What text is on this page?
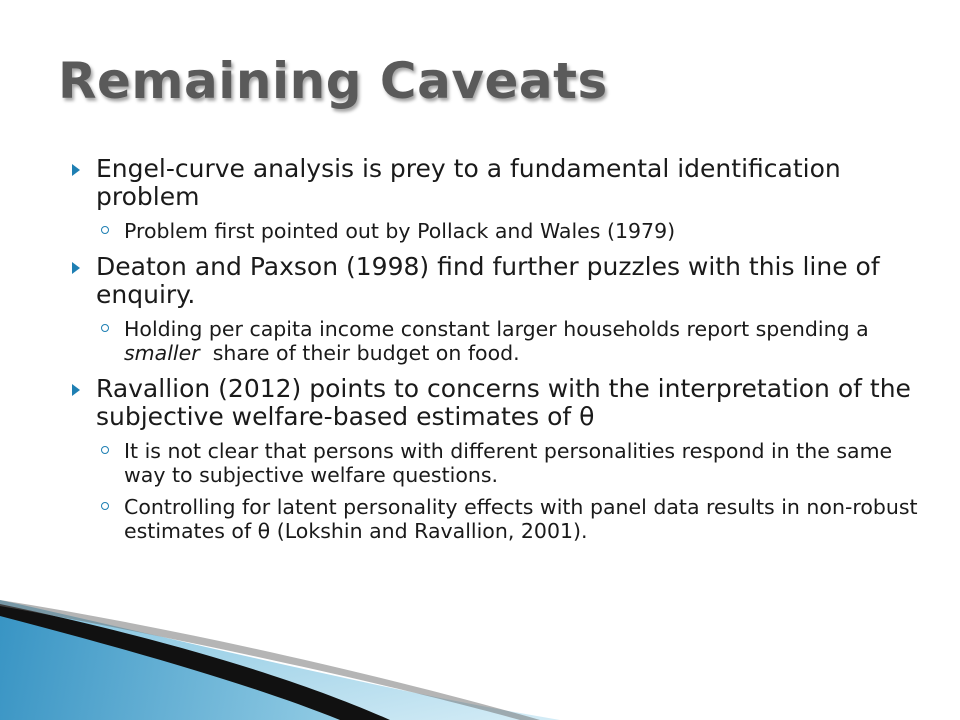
Remaining Caveats
Engel-curve analysis is prey to a fundamental identification problem
Problem first pointed out by Pollack and Wales (1979)
Deaton and Paxson (1998) find further puzzles with this line of enquiry.
Holding per capita income constant larger households report spending a smaller  share of their budget on food.
Ravallion (2012) points to concerns with the interpretation of the subjective welfare-based estimates of θ
It is not clear that persons with different personalities respond in the same way to subjective welfare questions.
Controlling for latent personality effects with panel data results in non-robust estimates of θ (Lokshin and Ravallion, 2001).
